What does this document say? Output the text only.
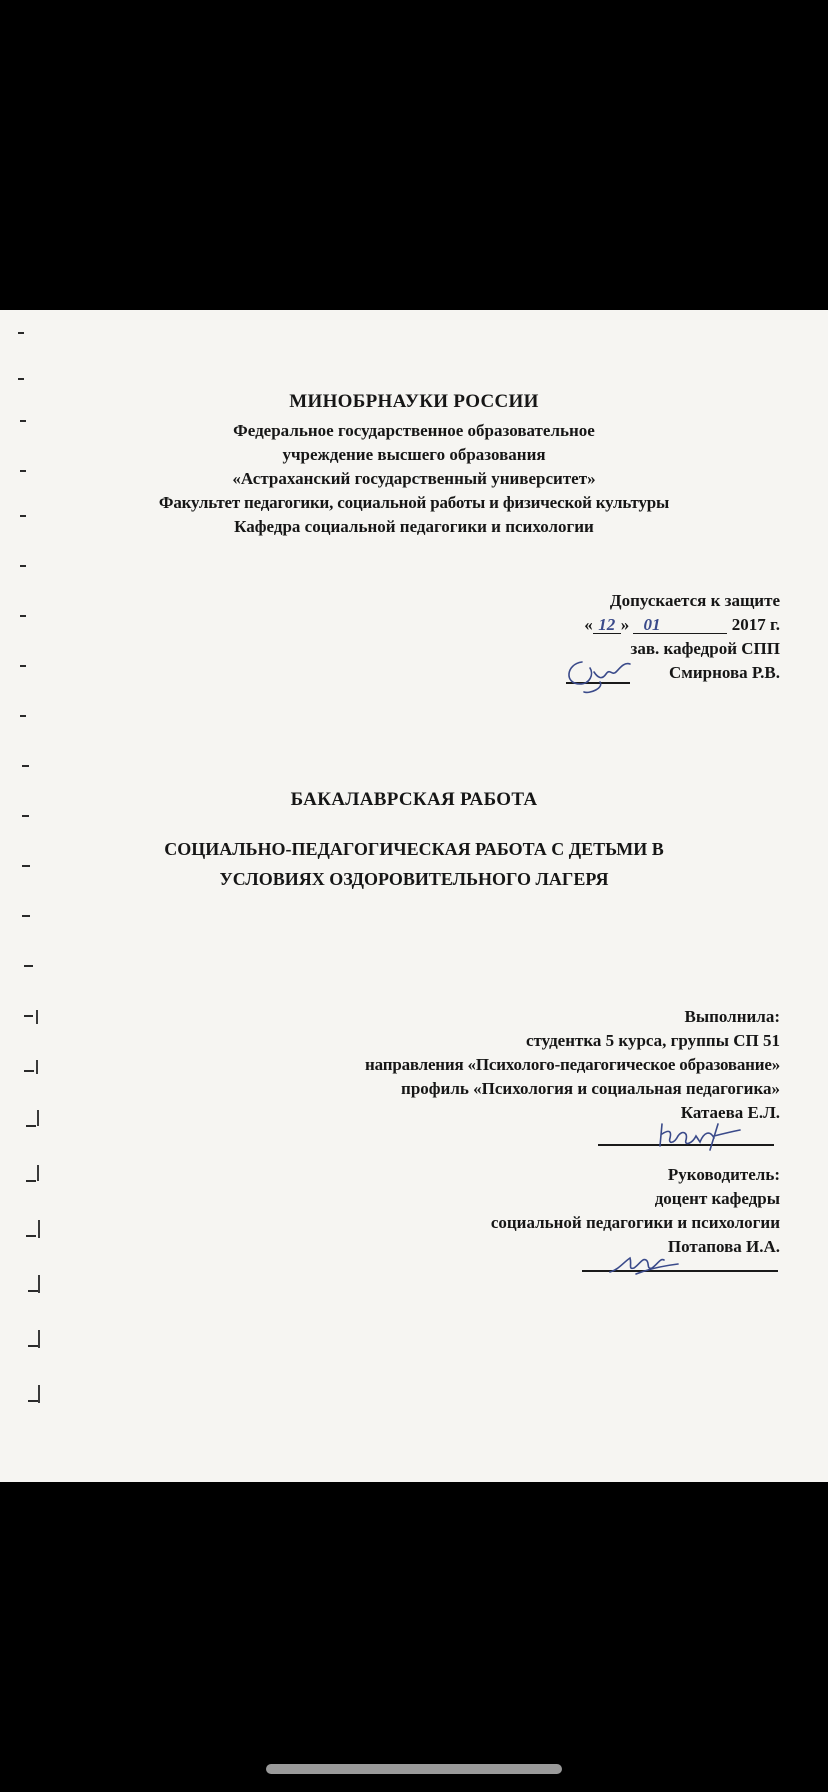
МИНОБРНАУКИ РОССИИ
Федеральное государственное образовательное
учреждение высшего образования
«Астраханский государственный университет»
Факультет педагогики, социальной работы и физической культуры
Кафедра социальной педагогики и психологии
Допускается к защите
« 12 » 01	2017 г.
зав. кафедрой СПП
Смирнова Р.В.
БАКАЛАВРСКАЯ РАБОТА
СОЦИАЛЬНО-ПЕДАГОГИЧЕСКАЯ РАБОТА С ДЕТЬМИ В
УСЛОВИЯХ ОЗДОРОВИТЕЛЬНОГО ЛАГЕРЯ
Выполнила:
студентка 5 курса, группы СП 51
направления «Психолого-педагогическое образование»
профиль «Психология и социальная педагогика»
Катаева Е.Л.
Руководитель:
доцент кафедры
социальной педагогики и психологии
Потапова И.А.
